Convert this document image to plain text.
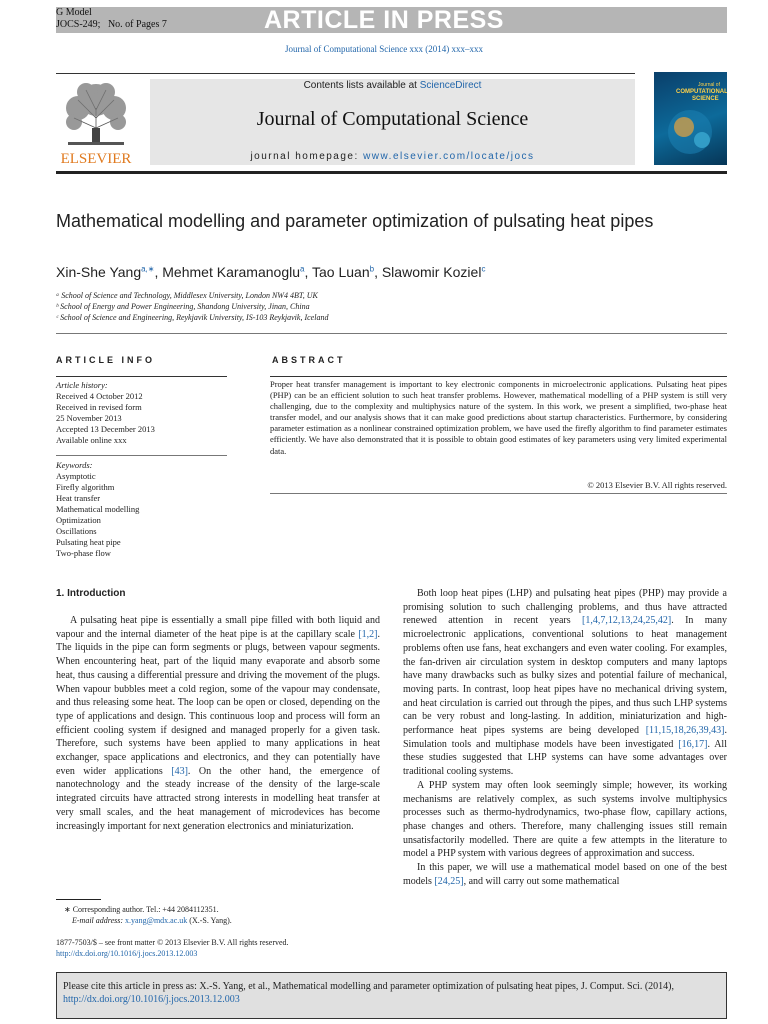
G Model
JOCS-249; No. of Pages 7	ARTICLE IN PRESS
Journal of Computational Science xxx (2014) xxx–xxx
ELSEVIER
Contents lists available at ScienceDirect
Journal of Computational Science
journal homepage: www.elsevier.com/locate/jocs
Journal of
COMPUTATIONAL
SCIENCE
Mathematical modelling and parameter optimization of pulsating heat pipes
Xin-She Yang$^{a,∗}$, Mehmet Karamanoglu$^a$, Tao Luan$^b$, Slawomir Koziel$^c$
ᵃ School of Science and Technology, Middlesex University, London NW4 4BT, UK
ᵇ School of Energy and Power Engineering, Shandong University, Jinan, China
ᶜ School of Science and Engineering, Reykjavik University, IS-103 Reykjavik, Iceland
ARTICLE INFO
Article history:
Received 4 October 2012
Received in revised form
25 November 2013
Accepted 13 December 2013
Available online xxx
Keywords:
Asymptotic
Firefly algorithm
Heat transfer
Mathematical modelling
Optimization
Oscillations
Pulsating heat pipe
Two-phase flow
ABSTRACT
Proper heat transfer management is important to key electronic components in microelectronic applications. Pulsating heat pipes (PHP) can be an efficient solution to such heat transfer problems. However, mathematical modelling of a PHP system is still very challenging, due to the complexity and multiphysics nature of the system. In this work, we present a simplified, two-phase heat transfer model, and our analysis shows that it can make good predictions about startup characteristics. Furthermore, by considering parameter estimation as a nonlinear constrained optimization problem, we have used the firefly algorithm to find parameter estimates efficiently. We have also demonstrated that it is possible to obtain good estimates of key parameters using very limited experimental data.
© 2013 Elsevier B.V. All rights reserved.
1. Introduction

A pulsating heat pipe is essentially a small pipe filled with both liquid and vapour and the internal diameter of the heat pipe is at the capillary scale [1,2]. The liquids in the pipe can form segments or plugs, between vapour segments. When encountering heat, part of the liquid many evaporate and absorb some heat, thus causing a differential pressure and driving the movement of the plugs. When vapour bubbles meet a cold region, some of the vapour may condensate, and thus releasing some heat. The loop can be open or closed, depending on the type of applications and design. This continuous loop and process will form an efficient cooling system if designed and managed properly for a given task. Therefore, such systems have been applied to many applications in heat exchanger, space applications and electronics, and they can potentially have even wider applications [43]. On the other hand, the emergence of nanotechnology and the steady increase of the density of the large-scale integrated circuits have attracted strong interests in modelling heat transfer at very small scales, and the heat management of microdevices has become increasingly important for next generation electronics and miniaturization.

Both loop heat pipes (LHP) and pulsating heat pipes (PHP) may provide a promising solution to such challenging problems, and thus have attracted renewed attention in recent years [1,4,7,12,13,24,25,42]. In many microelectronic applications, conventional solutions to heat management problems often use fans, heat exchangers and even water cooling. For examples, the fan-driven air circulation system in desktop computers and many laptops have many drawbacks such as bulky sizes and potential failure of mechanical, moving parts. In contrast, loop heat pipes have no mechanical driving system, and heat circulation is carried out through the pipes, and thus such LHP systems can be very robust and long-lasting. In addition, miniaturization and high-performance heat pipes systems are being developed [11,15,18,26,39,43]. Simulation tools and multiphase models have been investigated [16,17]. All these studies suggested that LHP systems can have some advantages over traditional cooling systems.

A PHP system may often look seemingly simple; however, its working mechanisms are relatively complex, as such systems involve multiphysics processes such as thermo-hydrodynamics, two-phase flow, capillary actions, phase changes and others. Therefore, many challenging issues still remain unsatisfactorily modelled. There are quite a few attempts in the literature to model a PHP system with various degrees of approximation and success.

In this paper, we will use a mathematical model based on one of the best models [24,25], and will carry out some mathematical

∗ Corresponding author. Tel.: +44 2084112351.
E-mail address: x.yang@mdx.ac.uk (X.-S. Yang).
1877-7503/$ – see front matter © 2013 Elsevier B.V. All rights reserved.
http://dx.doi.org/10.1016/j.jocs.2013.12.003
Please cite this article in press as: X.-S. Yang, et al., Mathematical modelling and parameter optimization of pulsating heat pipes, J. Comput. Sci. (2014), http://dx.doi.org/10.1016/j.jocs.2013.12.003
